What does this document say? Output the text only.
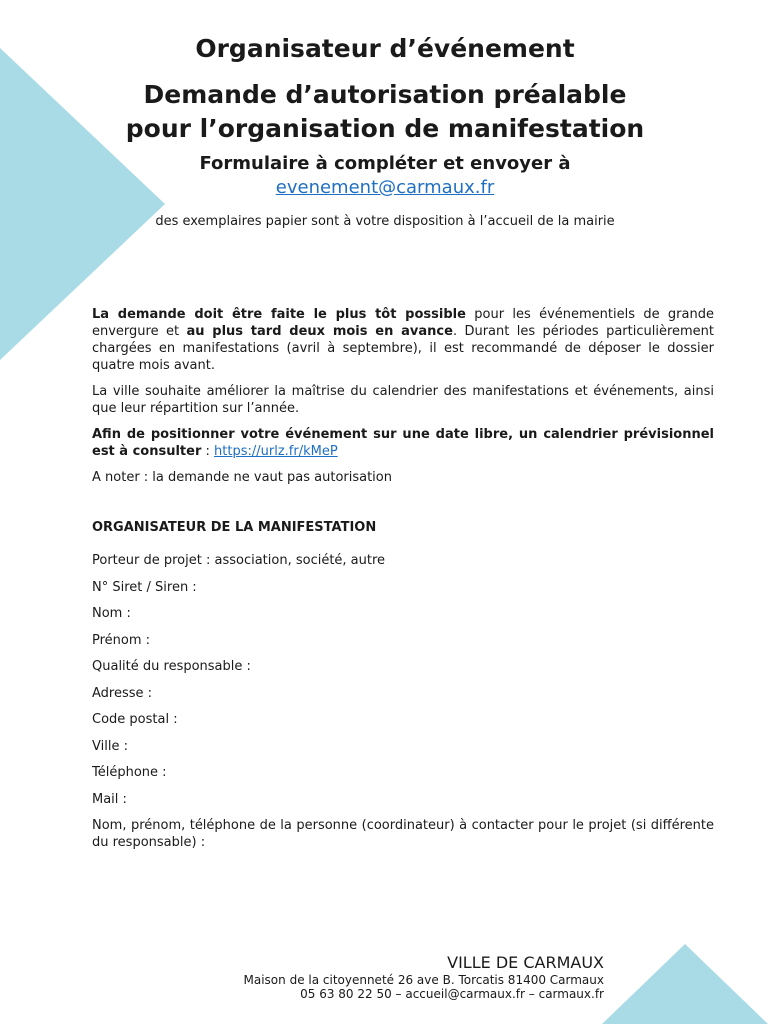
Organisateur d’événement
Demande d’autorisation préalable
pour l’organisation de manifestation
Formulaire à compléter et envoyer à
evenement@carmaux.fr

des exemplaires papier sont à votre disposition à l’accueil de la mairie

La demande doit être faite le plus tôt possible pour les événementiels de grande envergure et au plus tard deux mois en avance. Durant les périodes particulièrement chargées en manifestations (avril à septembre), il est recommandé de déposer le dossier quatre mois avant.

La ville souhaite améliorer la maîtrise du calendrier des manifestations et événements, ainsi que leur répartition sur l’année.

Afin de positionner votre événement sur une date libre, un calendrier prévisionnel est à consulter : https://urlz.fr/kMeP

A noter : la demande ne vaut pas autorisation

ORGANISATEUR DE LA MANIFESTATION

Porteur de projet : association, société, autre

N° Siret / Siren :

Nom :

Prénom :

Qualité du responsable :

Adresse :

Code postal :

Ville :

Téléphone :

Mail :

Nom, prénom, téléphone de la personne (coordinateur) à contacter pour le projet (si différente du responsable) :

VILLE DE CARMAUX

Maison de la citoyenneté 26 ave B. Torcatis 81400 Carmaux

05 63 80 22 50 – accueil@carmaux.fr – carmaux.fr
